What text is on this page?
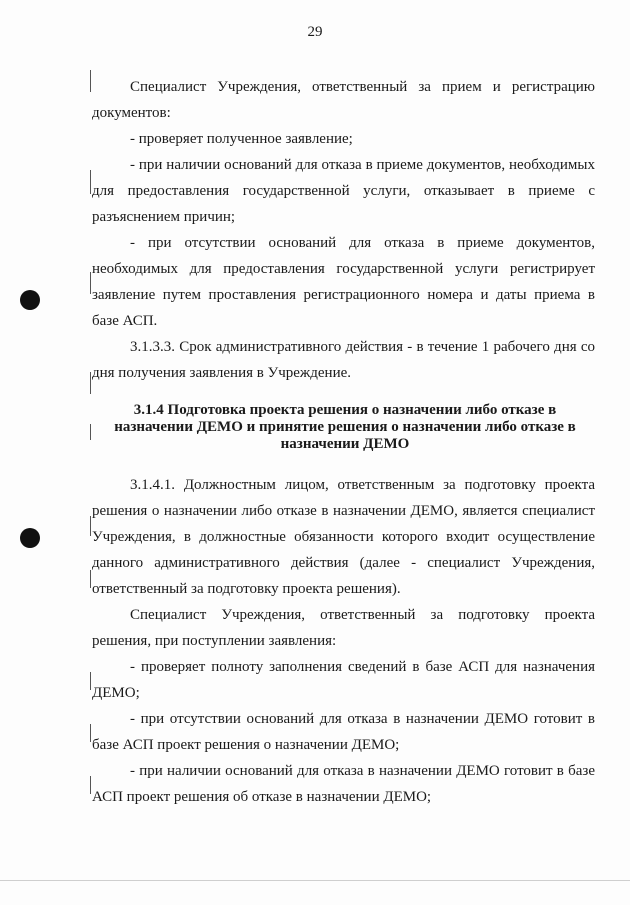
29
Специалист Учреждения, ответственный за прием и регистрацию документов:
- проверяет полученное заявление;
- при наличии оснований для отказа в приеме документов, необходимых для предоставления государственной услуги, отказывает в приеме с разъяснением причин;
- при отсутствии оснований для отказа в приеме документов, необходимых для предоставления государственной услуги регистрирует заявление путем проставления регистрационного номера и даты приема в базе АСП.
3.1.3.3. Срок административного действия - в течение 1 рабочего дня со дня получения заявления в Учреждение.
3.1.4 Подготовка проекта решения о назначении либо отказе в назначении ДЕМО и принятие решения о назначении либо отказе в назначении ДЕМО
3.1.4.1. Должностным лицом, ответственным за подготовку проекта решения о назначении либо отказе в назначении ДЕМО, является специалист Учреждения, в должностные обязанности которого входит осуществление данного административного действия (далее - специалист Учреждения, ответственный за подготовку проекта решения).
Специалист Учреждения, ответственный за подготовку проекта решения, при поступлении заявления:
- проверяет полноту заполнения сведений в базе АСП для назначения ДЕМО;
- при отсутствии оснований для отказа в назначении ДЕМО готовит в базе АСП проект решения о назначении ДЕМО;
- при наличии оснований для отказа в назначении ДЕМО готовит в базе АСП проект решения об отказе в назначении ДЕМО;
